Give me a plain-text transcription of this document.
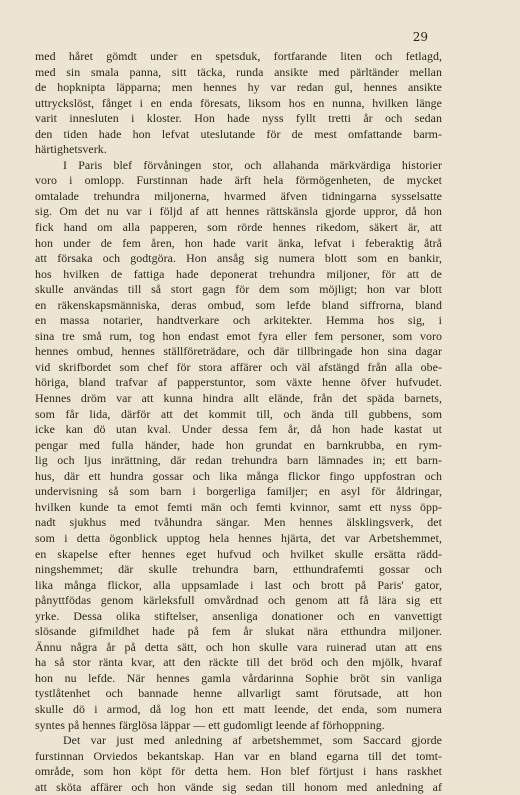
29
med håret gömdt under en spetsduk, fortfarande liten och fetlagd,
med sin smala panna, sitt täcka, runda ansikte med pärltänder mellan
de hopknipta läpparna; men hennes hy var redan gul, hennes ansikte
uttryckslöst, fånget i en enda föresats, liksom hos en nunna, hvilken länge
varit innesluten i kloster. Hon hade nyss fyllt tretti år och sedan
den tiden hade hon lefvat uteslutande för de mest omfattande barm-
härtighetsverk.
I Paris blef förvåningen stor, och allahanda märkvärdiga historier
voro i omlopp. Furstinnan hade ärft hela förmögenheten, de mycket
omtalade trehundra miljonerna, hvarmed äfven tidningarna sysselsatte
sig. Om det nu var i följd af att hennes rättskänsla gjorde uppror, då hon
fick hand om alla papperen, som rörde hennes rikedom, säkert är, att
hon under de fem åren, hon hade varit änka, lefvat i feberaktig åtrå
att försaka och godtgöra. Hon ansåg sig numera blott som en bankir,
hos hvilken de fattiga hade deponerat trehundra miljoner, för att de
skulle användas till så stort gagn för dem som möjligt; hon var blott
en räkenskapsmänniska, deras ombud, som lefde bland siffrorna, bland
en massa notarier, handtverkare och arkitekter. Hemma hos sig, i
sina tre små rum, tog hon endast emot fyra eller fem personer, som voro
hennes ombud, hennes ställföreträdare, och där tillbringade hon sina dagar
vid skrifbordet som chef för stora affärer och väl afstängd från alla obe-
höriga, bland trafvar af papperstuntor, som växte henne öfver hufvudet.
Hennes dröm var att kunna hindra allt elände, från det späda barnets,
som får lida, därför att det kommit till, och ända till gubbens, som
icke kan dö utan kval. Under dessa fem år, då hon hade kastat ut
pengar med fulla händer, hade hon grundat en barnkrubba, en rym-
lig och ljus inrättning, där redan trehundra barn lämnades in; ett barn-
hus, där ett hundra gossar och lika många flickor fingo uppfostran och
undervisning så som barn i borgerliga familjer; en asyl för åldringar,
hvilken kunde ta emot femti män och femti kvinnor, samt ett nyss öpp-
nadt sjukhus med tvåhundra sängar. Men hennes älsklingsverk, det
som i detta ögonblick upptog hela hennes hjärta, det var Arbetshemmet,
en skapelse efter hennes eget hufvud och hvilket skulle ersätta rädd-
ningshemmet; där skulle trehundra barn, etthundrafemti gossar och
lika många flickor, alla uppsamlade i last och brott på Paris' gator,
pånyttfödas genom kärleksfull omvårdnad och genom att få lära sig ett
yrke. Dessa olika stiftelser, ansenliga donationer och en vanvettigt
slösande gifmildhet hade på fem år slukat nära etthundra miljoner.
Ännu några år på detta sätt, och hon skulle vara ruinerad utan att ens
ha så stor ränta kvar, att den räckte till det bröd och den mjölk, hvaraf
hon nu lefde. När hennes gamla vårdarinna Sophie bröt sin vanliga
tystlåtenhet och bannade henne allvarligt samt förutsade, att hon
skulle dö i armod, då log hon ett matt leende, det enda, som numera
syntes på hennes färglösa läppar — ett gudomligt leende af förhoppning.
Det var just med anledning af arbetshemmet, som Saccard gjorde
furstinnan Orviedos bekantskap. Han var en bland egarna till det tomt-
område, som hon köpt för detta hem. Hon blef förtjust i hans raskhet
att sköta affärer och hon vände sig sedan till honom med anledning af
